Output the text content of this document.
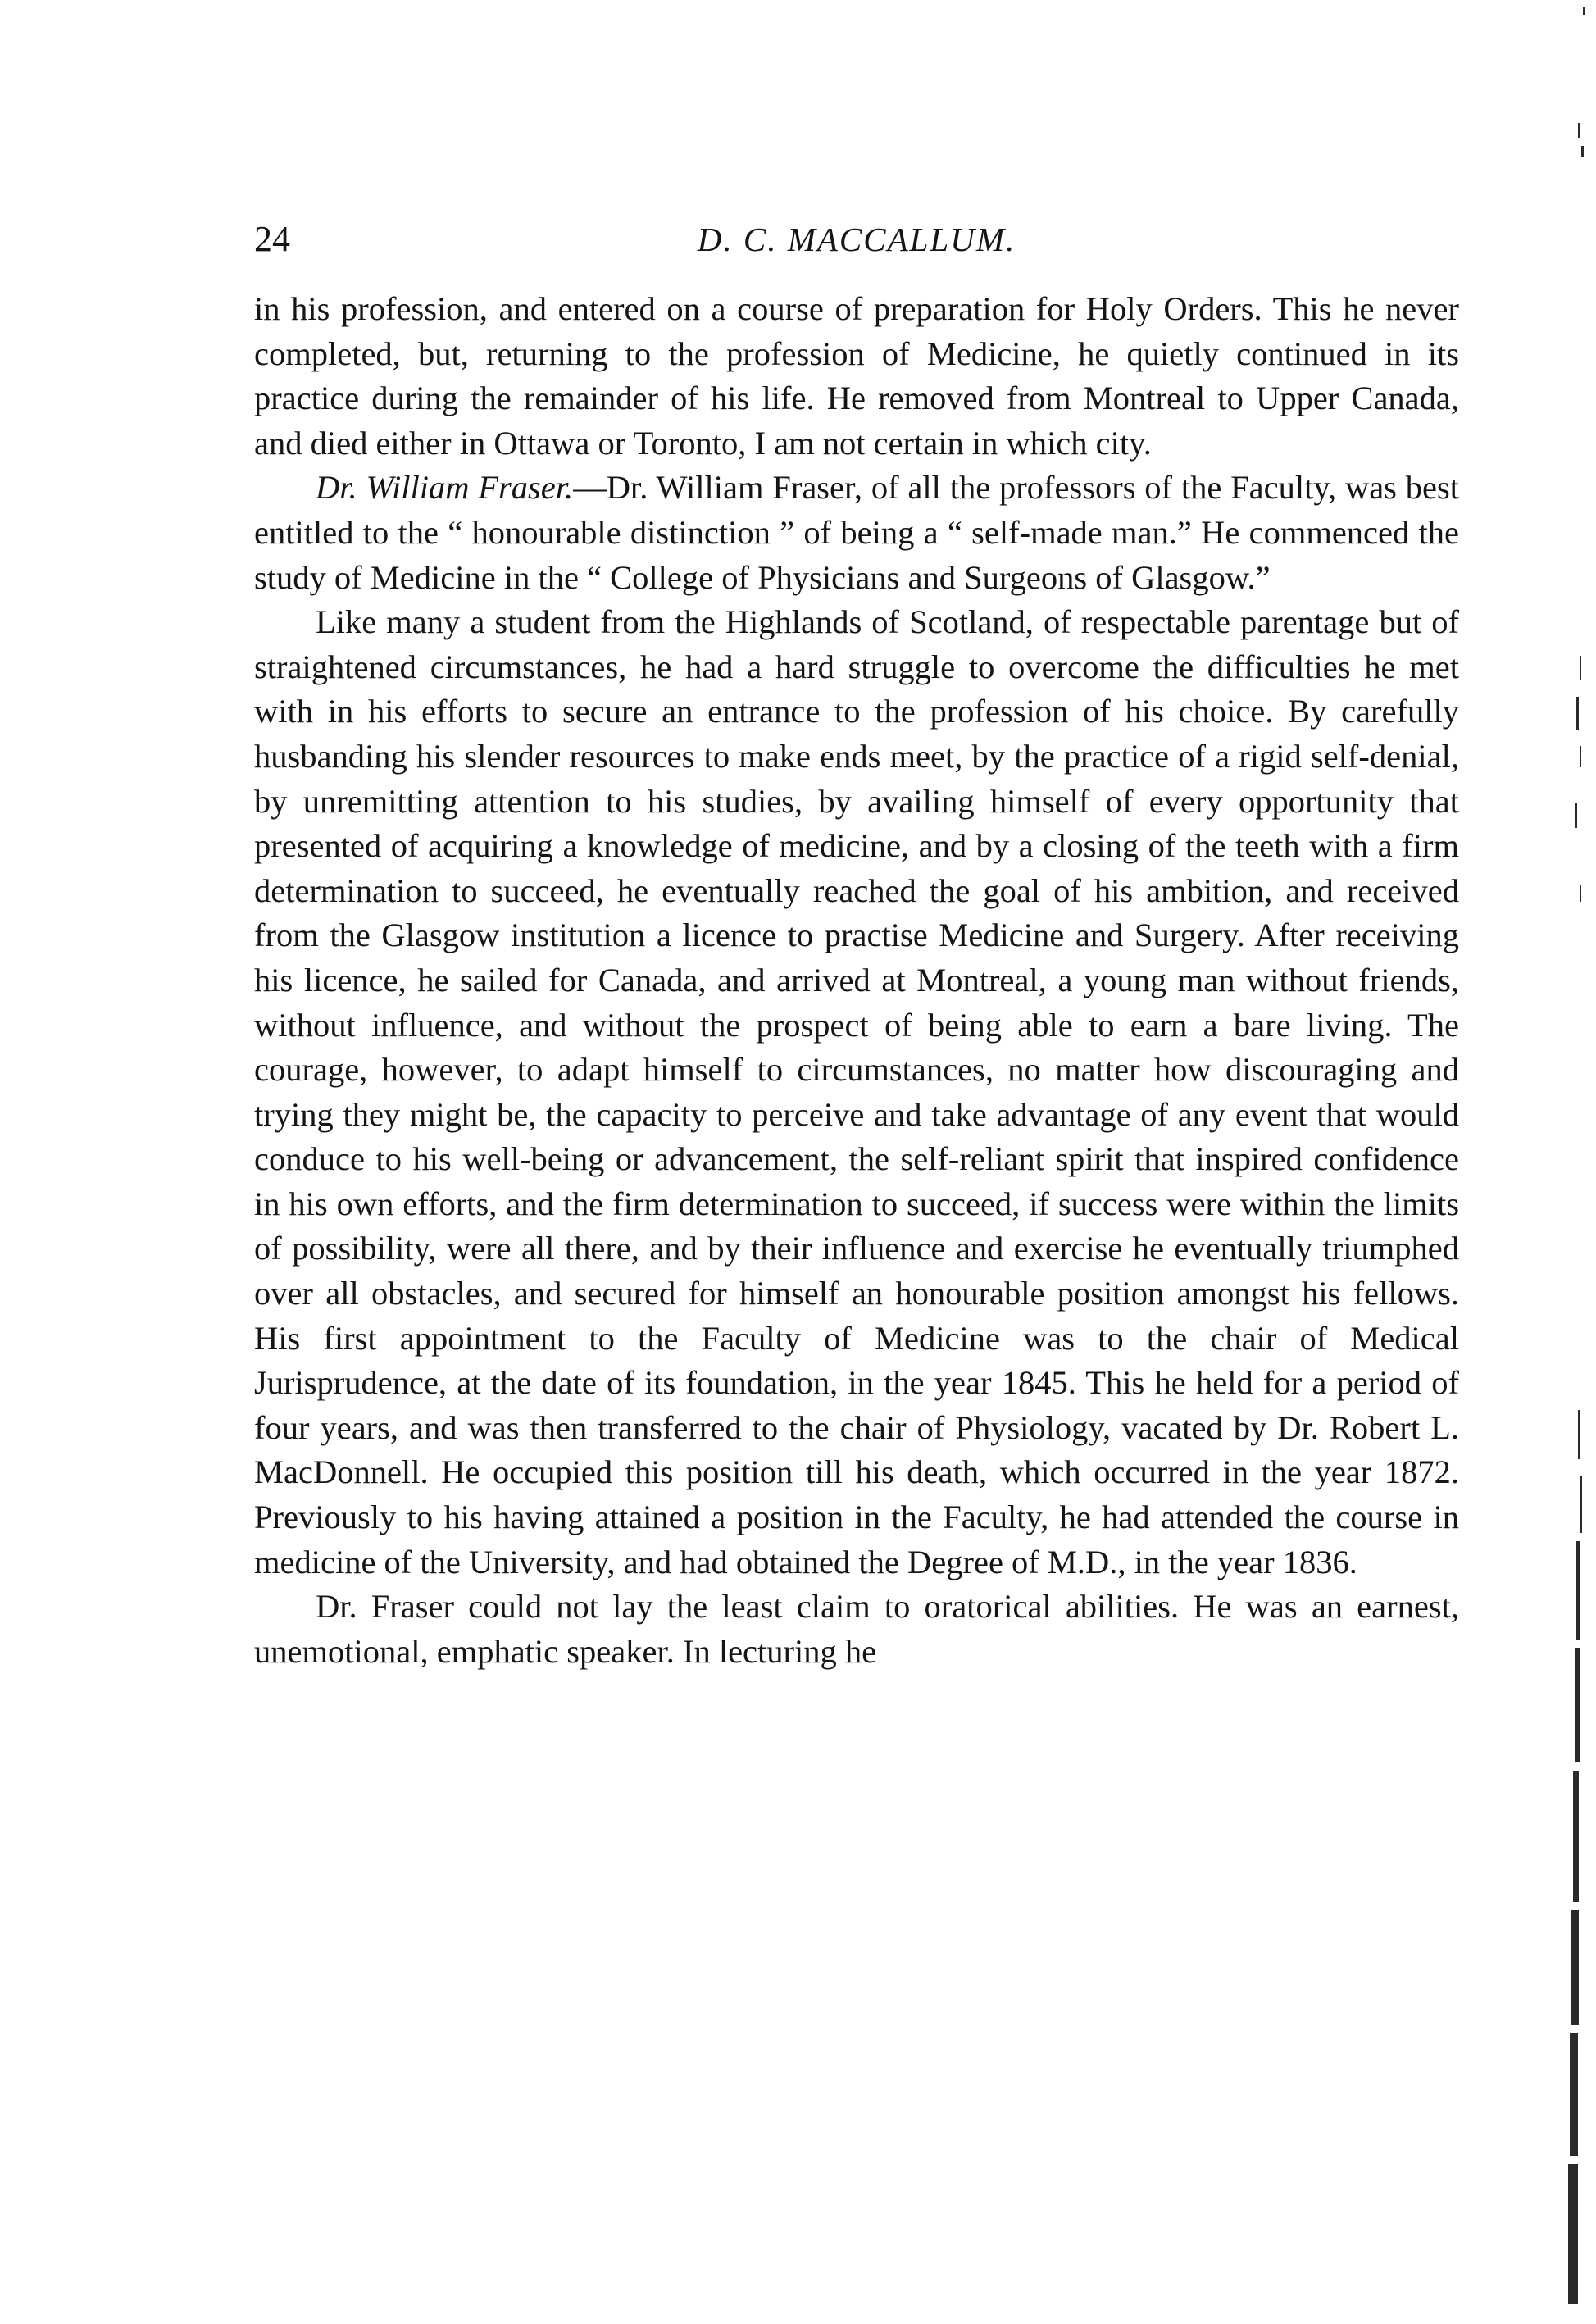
24	D. C. MACCALLUM.

in his profession, and entered on a course of preparation for Holy Orders. This he never completed, but, returning to the profession of Medicine, he quietly continued in its practice during the remainder of his life. He removed from Montreal to Upper Canada, and died either in Ottawa or Toronto, I am not certain in which city.

Dr. William Fraser.—Dr. William Fraser, of all the professors of the Faculty, was best entitled to the “ honourable distinction ” of being a “ self-made man.” He commenced the study of Medicine in the “ College of Physicians and Surgeons of Glasgow.”

Like many a student from the Highlands of Scotland, of respectable parentage but of straightened circumstances, he had a hard struggle to overcome the difficulties he met with in his efforts to secure an entrance to the profession of his choice. By carefully husbanding his slender resources to make ends meet, by the practice of a rigid self-denial, by unremitting attention to his studies, by availing himself of every opportunity that presented of acquiring a knowledge of medicine, and by a closing of the teeth with a firm determination to succeed, he eventually reached the goal of his ambition, and received from the Glasgow institution a licence to practise Medicine and Surgery. After receiving his licence, he sailed for Canada, and arrived at Montreal, a young man without friends, without influence, and without the prospect of being able to earn a bare living. The courage, however, to adapt himself to circumstances, no matter how discouraging and trying they might be, the capacity to perceive and take advantage of any event that would conduce to his well-being or advancement, the self-reliant spirit that inspired confidence in his own efforts, and the firm determination to succeed, if success were within the limits of possibility, were all there, and by their influence and exercise he eventually triumphed over all obstacles, and secured for himself an honourable position amongst his fellows. His first appointment to the Faculty of Medicine was to the chair of Medical Jurisprudence, at the date of its foundation, in the year 1845. This he held for a period of four years, and was then transferred to the chair of Physiology, vacated by Dr. Robert L. MacDonnell. He occupied this position till his death, which occurred in the year 1872. Previously to his having attained a position in the Faculty, he had attended the course in medicine of the University, and had obtained the Degree of M.D., in the year 1836.

Dr. Fraser could not lay the least claim to oratorical abilities. He was an earnest, unemotional, emphatic speaker. In lecturing he
